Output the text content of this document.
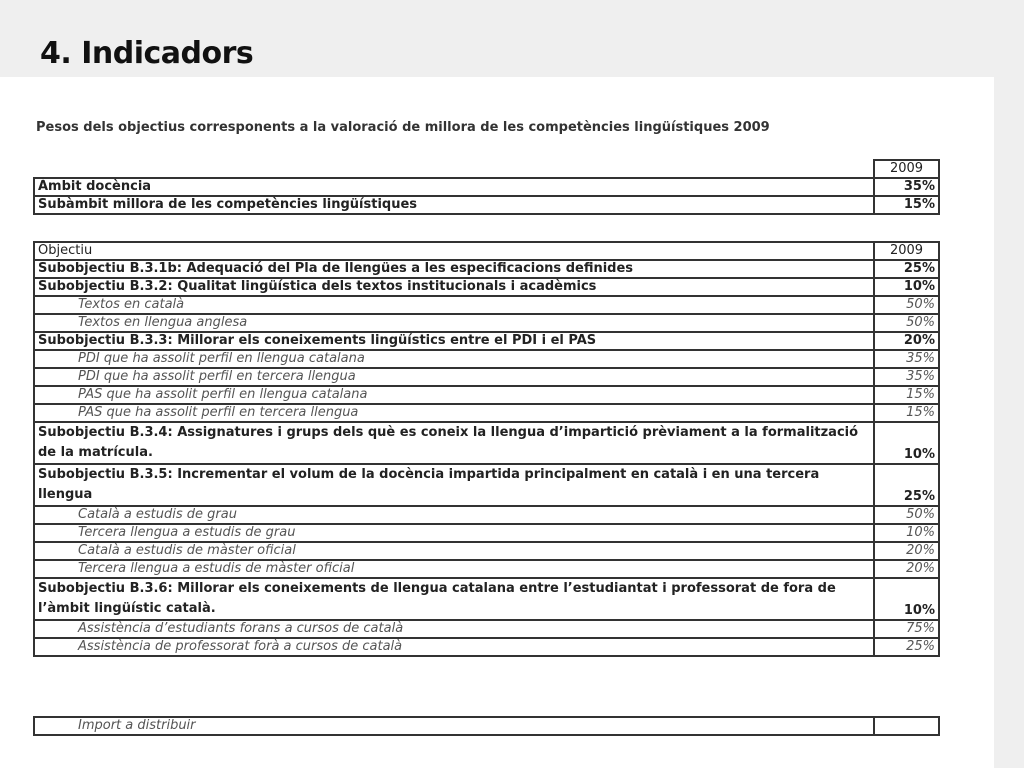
4. Indicadors
Pesos dels objectius corresponents a la valoració de millora de les competències lingüístiques 2009
	2009
Àmbit docència	35%
Subàmbit millora de les competències lingüístiques	15%
Objectiu	2009
Subobjectiu B.3.1b: Adequació del Pla de llengües a les especificacions definides	25%
Subobjectiu B.3.2: Qualitat lingüística dels textos institucionals i acadèmics	10%
Textos en català	50%
Textos en llengua anglesa	50%
Subobjectiu B.3.3: Millorar els coneixements lingüístics entre el PDI i el PAS	20%
PDI que ha assolit perfil en llengua catalana	35%
PDI que ha assolit perfil en tercera llengua	35%
PAS que ha assolit perfil en llengua catalana	15%
PAS que ha assolit perfil en tercera llengua	15%
Subobjectiu B.3.4: Assignatures i grups dels què es coneix la llengua d’impartició prèviament a la formalització de la matrícula.	10%
Subobjectiu B.3.5: Incrementar el volum de la docència impartida principalment en català i en una tercera llengua	25%
Català a estudis de grau	50%
Tercera llengua a estudis de grau	10%
Català a estudis de màster oficial	20%
Tercera llengua a estudis de màster oficial	20%
Subobjectiu B.3.6: Millorar els coneixements de llengua catalana entre l’estudiantat i professorat de fora de l’àmbit lingüístic català.	10%
Assistència d’estudiants forans a cursos de català	75%
Assistència de professorat forà a cursos de català	25%
Import a distribuir	
